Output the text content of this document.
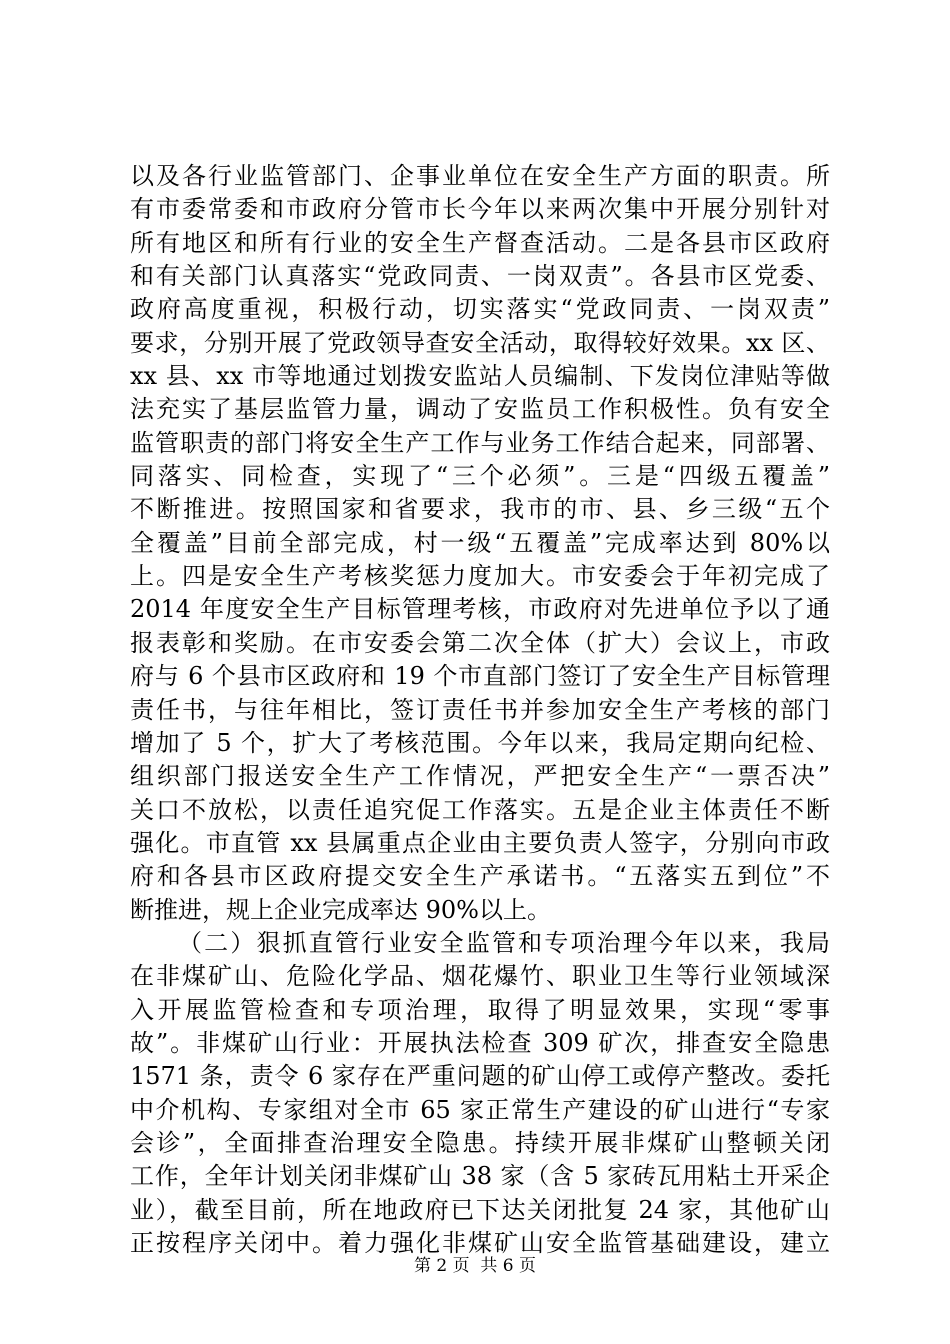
以及各行业监管部门、企事业单位在安全生产方面的职责。所
有市委常委和市政府分管市长今年以来两次集中开展分别针对
所有地区和所有行业的安全生产督查活动。二是各县市区政府
和有关部门认真落实“党政同责、一岗双责”。各县市区党委、
政府高度重视，积极行动，切实落实“党政同责、一岗双责”
要求，分别开展了党政领导查安全活动，取得较好效果。xx 区、
xx 县、xx 市等地通过划拨安监站人员编制、下发岗位津贴等做
法充实了基层监管力量，调动了安监员工作积极性。负有安全
监管职责的部门将安全生产工作与业务工作结合起来，同部署、
同落实、同检查，实现了“三个必须”。三是“四级五覆盖”
不断推进。按照国家和省要求，我市的市、县、乡三级“五个
全覆盖”目前全部完成，村一级“五覆盖”完成率达到 80%以
上。四是安全生产考核奖惩力度加大。市安委会于年初完成了
2014 年度安全生产目标管理考核，市政府对先进单位予以了通
报表彰和奖励。在市安委会第二次全体（扩大）会议上，市政
府与 6 个县市区政府和 19 个市直部门签订了安全生产目标管理
责任书，与往年相比，签订责任书并参加安全生产考核的部门
增加了 5 个，扩大了考核范围。今年以来，我局定期向纪检、
组织部门报送安全生产工作情况，严把安全生产“一票否决”
关口不放松，以责任追究促工作落实。五是企业主体责任不断
强化。市直管 xx 县属重点企业由主要负责人签字，分别向市政
府和各县市区政府提交安全生产承诺书。“五落实五到位”不
断推进，规上企业完成率达 90%以上。
（二）狠抓直管行业安全监管和专项治理今年以来，我局
在非煤矿山、危险化学品、烟花爆竹、职业卫生等行业领域深
入开展监管检查和专项治理，取得了明显效果，实现“零事
故”。非煤矿山行业：开展执法检查 309 矿次，排查安全隐患
1571 条，责令 6 家存在严重问题的矿山停工或停产整改。委托
中介机构、专家组对全市 65 家正常生产建设的矿山进行“专家
会诊”，全面排查治理安全隐患。持续开展非煤矿山整顿关闭
工作，全年计划关闭非煤矿山 38 家（含 5 家砖瓦用粘土开采企
业），截至目前，所在地政府已下达关闭批复 24 家，其他矿山
正按程序关闭中。着力强化非煤矿山安全监管基础建设，建立
第 2 页  共 6 页
